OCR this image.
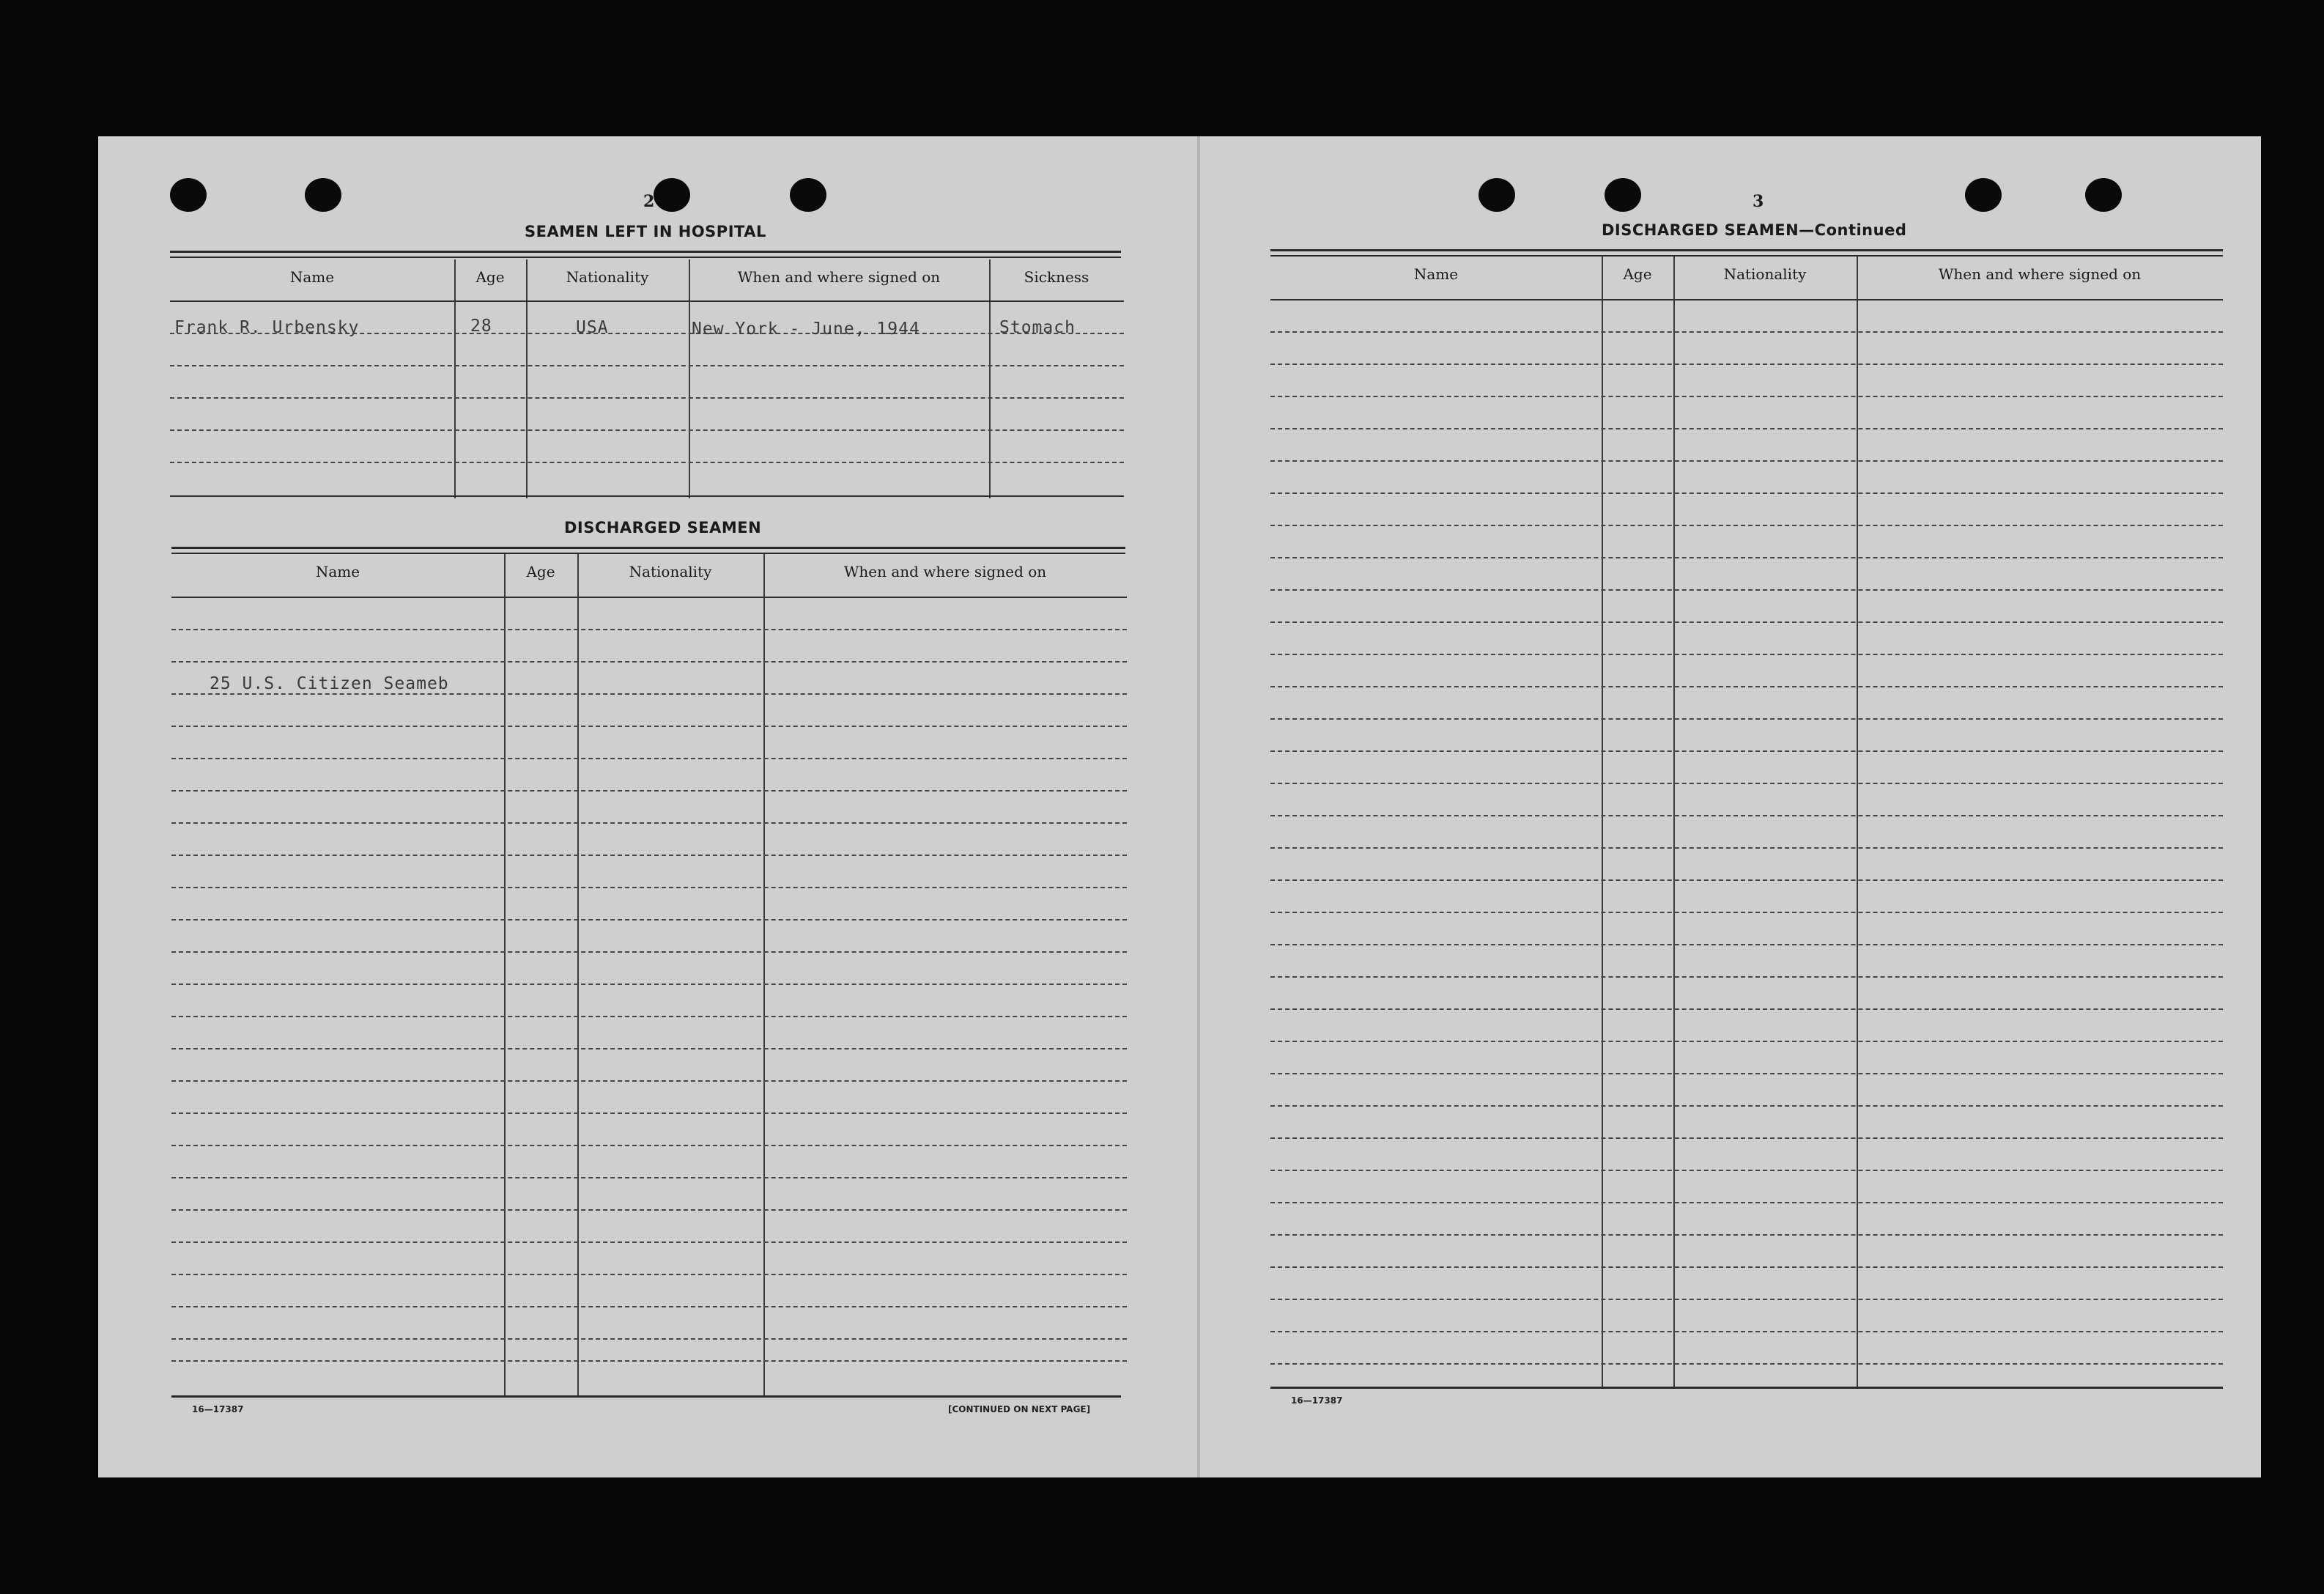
2
SEAMEN LEFT IN HOSPITAL
Name	Age	Nationality	When and where signed on	Sickness
Frank R. Urbensky	28	USA	New York - June, 1944	Stomach
DISCHARGED SEAMEN
Name	Age	Nationality	When and where signed on
25 U.S. Citizen Seameb
16—17387	[CONTINUED ON NEXT PAGE]
3
DISCHARGED SEAMEN—Continued
Name	Age	Nationality	When and where signed on
16—17387
